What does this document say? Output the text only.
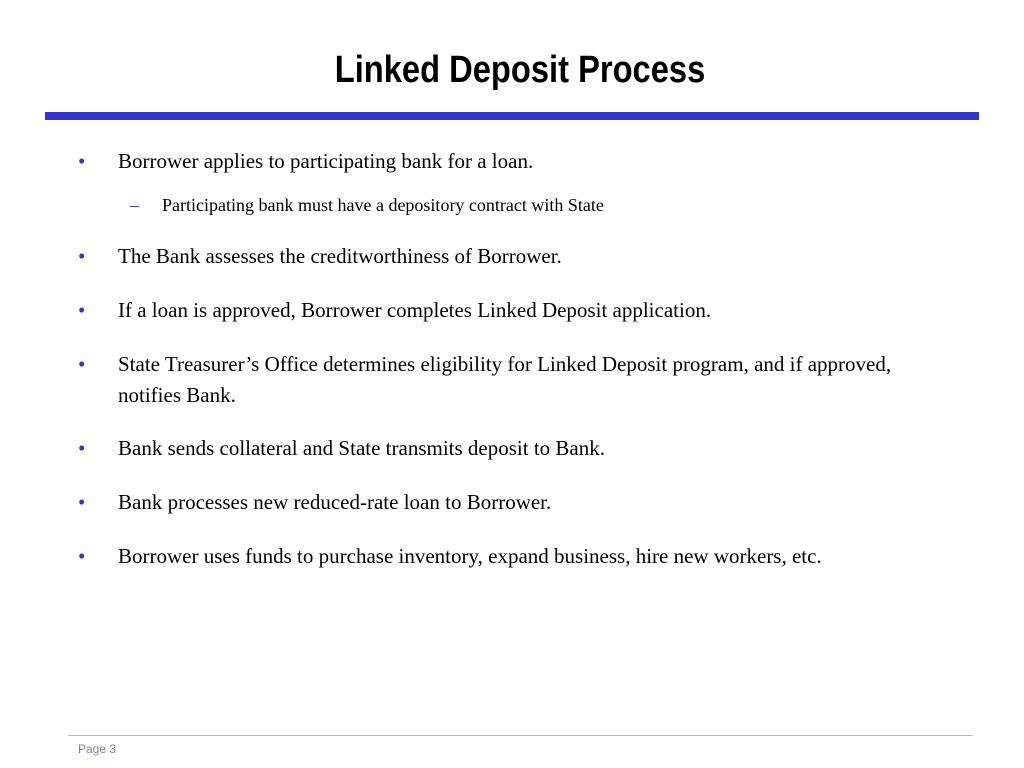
Linked Deposit Process
•	Borrower applies to participating bank for a loan.
– Participating bank must have a depository contract with State
•	The Bank assesses the creditworthiness of Borrower.
•	If a loan is approved, Borrower completes Linked Deposit application.
•	State Treasurer’s Office determines eligibility for Linked Deposit program, and if approved, notifies Bank.
•	Bank sends collateral and State transmits deposit to Bank.
•	Bank processes new reduced-rate loan to Borrower.
•	Borrower uses funds to purchase inventory, expand business, hire new workers, etc.
Page 3
